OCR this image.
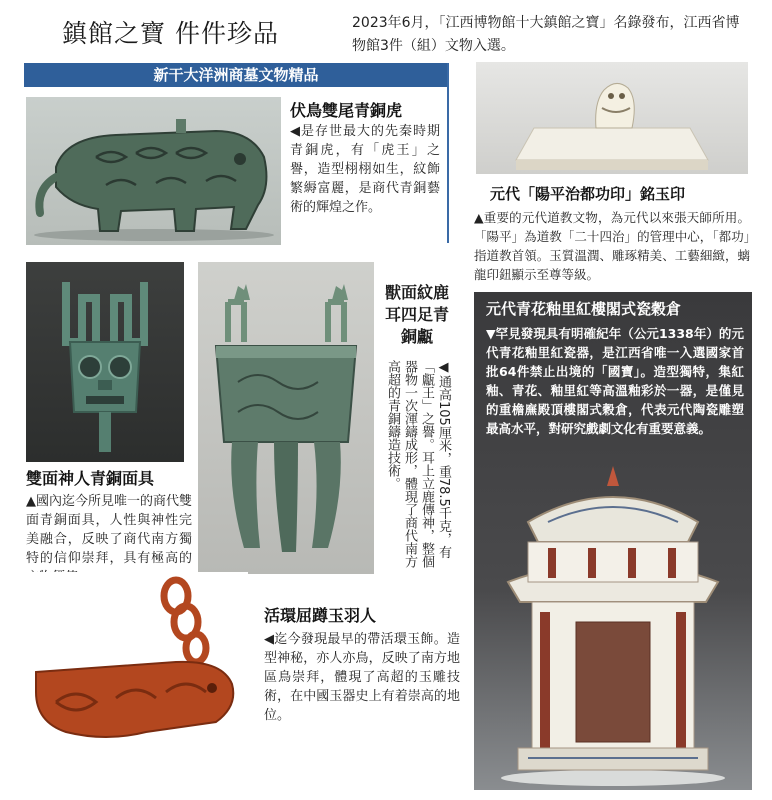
鎮館之寶 件件珍品	2023年6月，「江西博物館十大鎮館之寶」名錄發布，江西省博物館3件（組）文物入選。
新干大洋洲商墓文物精品
伏鳥雙尾青銅虎
◀是存世最大的先秦時期青銅虎，有「虎王」之譽，造型栩栩如生，紋飾繁縟富麗，是商代青銅藝術的輝煌之作。
元代「陽平治都功印」銘玉印
▲重要的元代道教文物，為元代以來張天師所用。「陽平」為道教「二十四治」的管理中心，「都功」指道教首領。玉質溫潤、雕琢精美、工藝細緻，螭龍印鈕顯示至尊等級。
獸面紋鹿耳四足青銅甗
◀通高105厘米，重78.5千克，有「甗王」之譽。耳上立鹿傳神，整個器物一次渾鑄成形，體現了商代南方高超的青銅鑄造技術。
雙面神人青銅面具
▲國內迄今所見唯一的商代雙面青銅面具，人性與神性完美融合，反映了商代南方獨特的信仰崇拜，具有極高的
活環屈蹲玉羽人
◀迄今發現最早的帶活環玉飾。造型神秘，亦人亦鳥，反映了南方地區鳥崇拜，體現了高超的玉雕技術，在中國玉器史上有着崇高的地位。
元代青花釉里紅樓閣式瓷穀倉
▼罕見發現具有明確紀年（公元1338年）的元代青花釉里紅瓷器，是江西省唯一入選國家首批64件禁止出境的「國寶」。造型獨特，集紅釉、青花、釉里紅等高溫釉彩於一器，是僅見的重檐廡殿頂樓閣式穀倉，代表元代陶瓷雕塑最高水平，對研究戲劇文化有重要意義。
